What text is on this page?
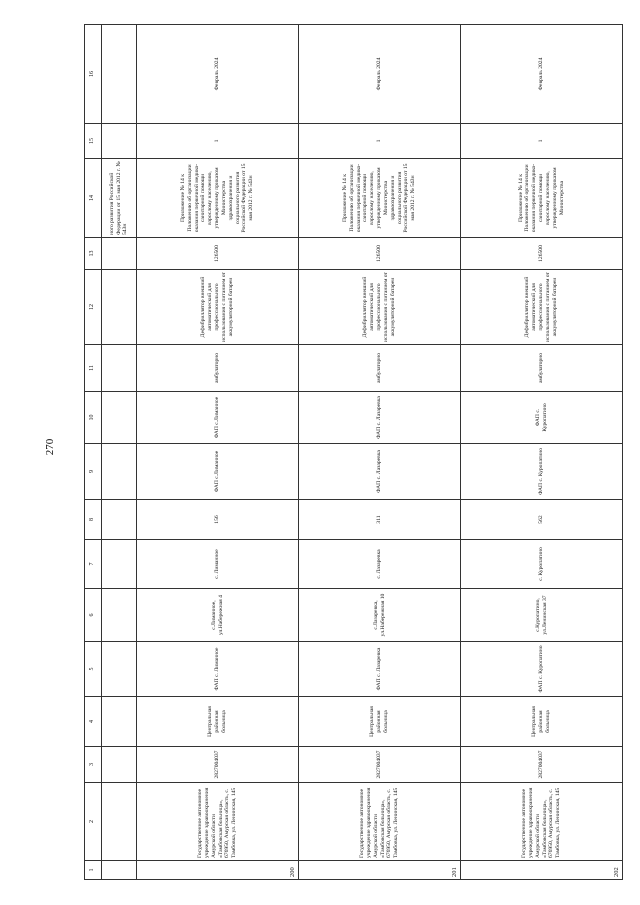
270
1	2	3	4	5	6	7	8	9	10	11	12	13	14	15	16
													ного развития Российской Федерации от 15 мая 2012 г. № 543н		
200	Государственное автономное учреждение здравоохранения Амурской области «Тамбовская больница», 676950, Амурская область, с. Тамбовка, ул. Ленинская, 145	2827004037	Центральная районная больница	ФАП с. Лиманное	с.Лиманное, ул.Набережная 4	с. Лиманное	156	ФАП с.Лиманное	ФАП с.Лиманное	амбулаторно	Дефибриллятор внешний автоматический для профессионального использования с питанием от аккумуляторной батареи	126500	Приложение № 14 к Положению об организации оказания первичной медико-санитарной помощи взрослому населению, утвержденному приказом Министерства здравоохранения и социального развития Российской Федерации от 15 мая 2012 г. № 543н	1	Февраль 2024
201	Государственное автономное учреждение здравоохранения Амурской области «Тамбовская больница», 676950, Амурская область, с. Тамбовка, ул. Ленинская, 145	2827004037	Центральная районная больница	ФАП с. Лазаревка	с.Лазаревка, ул.Набережная 10	с. Лазаревка	311	ФАП с. Лазаревка	ФАП с. Лазаревка	амбулаторно	Дефибриллятор внешний автоматический для профессионального использования с питанием от аккумуляторной батареи	126500	Приложение № 14 к Положению об организации оказания первичной медико-санитарной помощи взрослому населению, утвержденному приказом Министерства здравоохранения и социального развития Российской Федерации от 15 мая 2012 г. № 543н	1	Февраль 2024
202	Государственное автономное учреждение здравоохранения Амурской области «Тамбовская больница», 676950, Амурская область, с. Тамбовка, ул. Ленинская, 145	2827004037	Центральная районная больница	ФАП с. Куропатино	с.Куропатино, ул.Ленинская 37	с. Куропатино	562	ФАП с. Куропатино	ФАП с. Куропатино	амбулаторно	Дефибриллятор внешний автоматический для профессионального использования с питанием от аккумуляторной батареи	126500	Приложение № 14 к Положению об организации оказания первичной медико-санитарной помощи взрослому населению, утвержденному приказом Министерства	1	Февраль 2024
